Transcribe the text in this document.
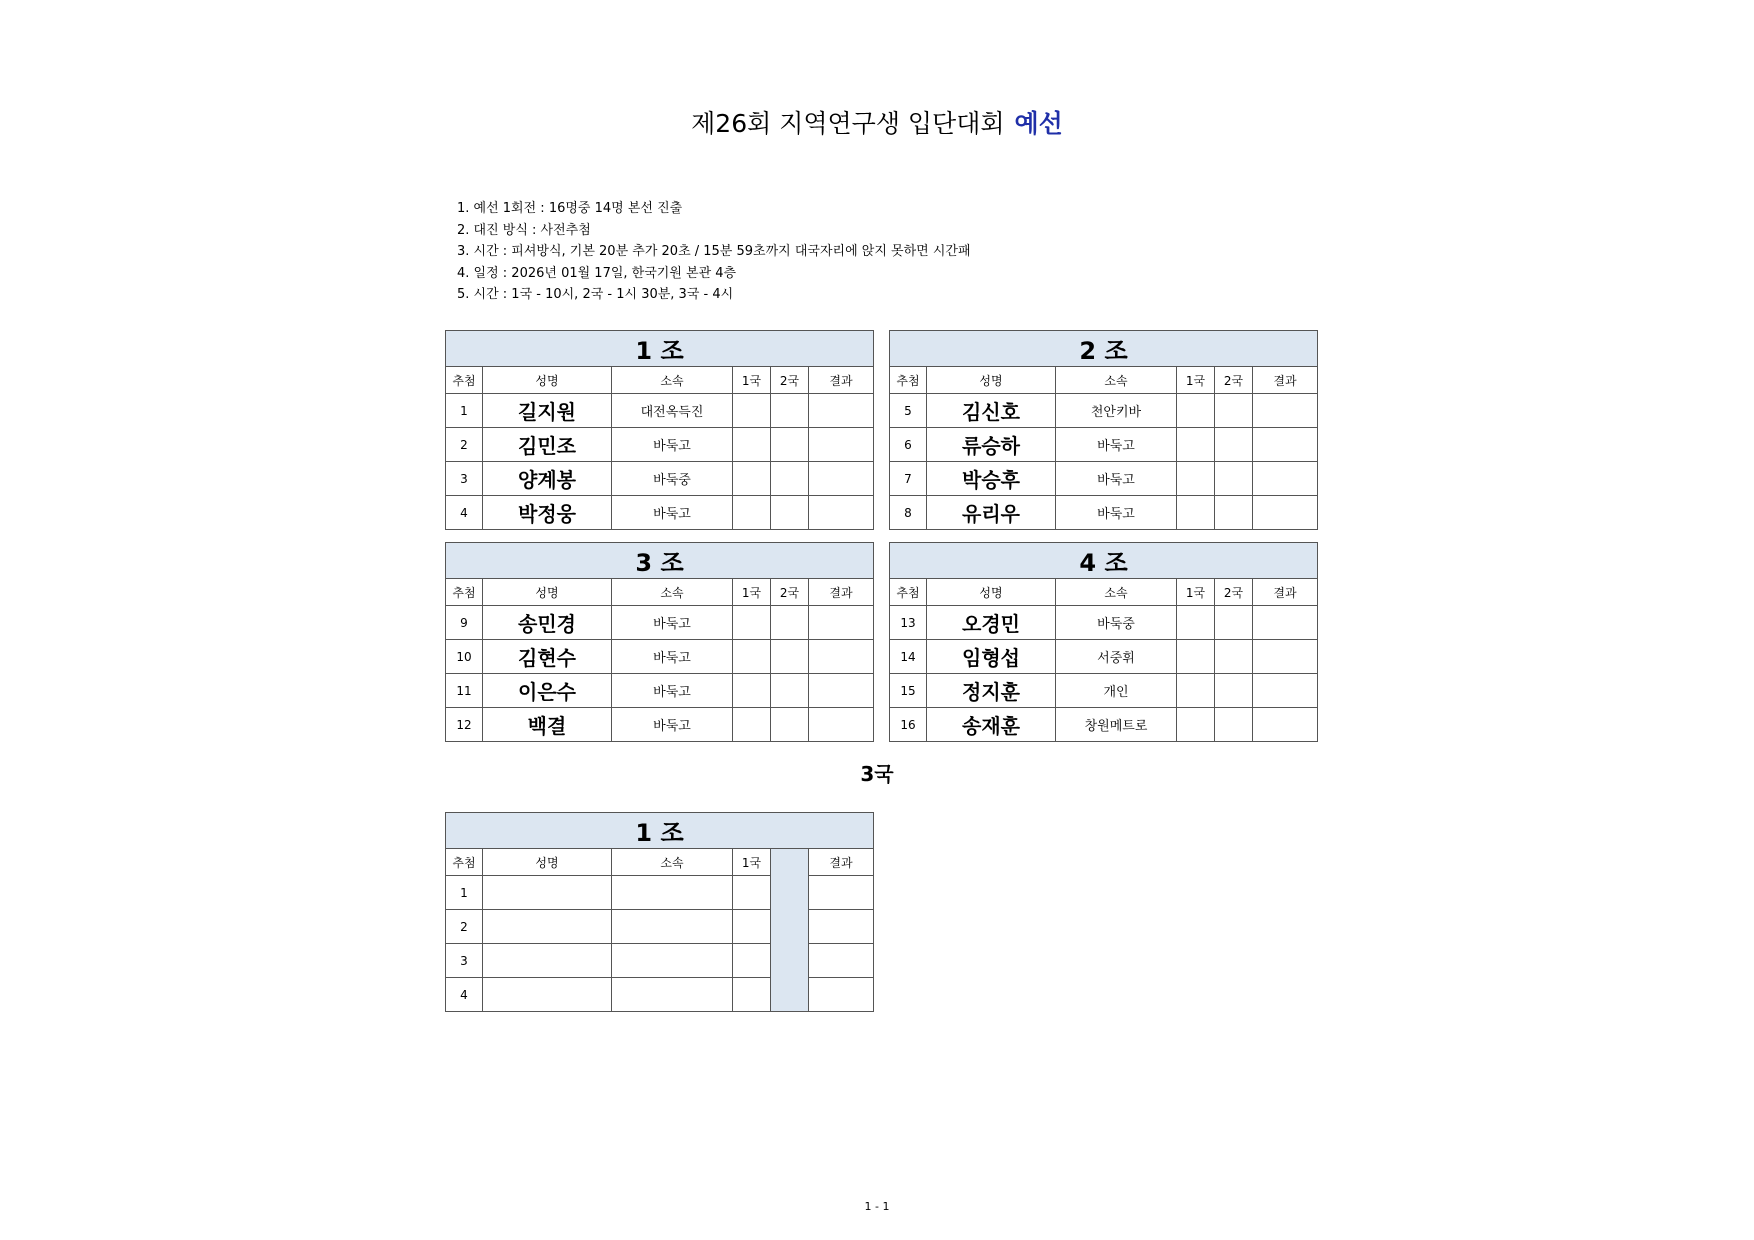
제26회 지역연구생 입단대회 예선
1. 예선 1회전 : 16명중 14명 본선 진출
2. 대진 방식 : 사전추첨
3. 시간 : 피셔방식, 기본 20분 추가 20초 / 15분 59초까지 대국자리에 앉지 못하면 시간패
4. 일정 : 2026년 01월 17일, 한국기원 본관 4층
5. 시간 : 1국 - 10시, 2국 - 1시 30분, 3국 - 4시
1 조					
추첨	성명	소속	1국	2국	결과
1	길지원	대전옥득진			
2	김민조	바둑고			
3	양계봉	바둑중			
4	박정웅	바둑고			
2 조					
추첨	성명	소속	1국	2국	결과
5	김신호	천안키바			
6	류승하	바둑고			
7	박승후	바둑고			
8	유리우	바둑고			
3 조					
추첨	성명	소속	1국	2국	결과
9	송민경	바둑고			
10	김현수	바둑고			
11	이은수	바둑고			
12	백결	바둑고			
4 조					
추첨	성명	소속	1국	2국	결과
13	오경민	바둑중			
14	임형섭	서중휘			
15	정지훈	개인			
16	송재훈	창원메트로			
3국
1 조					
추첨	성명	소속	1국		결과
1					
2					
3					
4					
1 - 1
